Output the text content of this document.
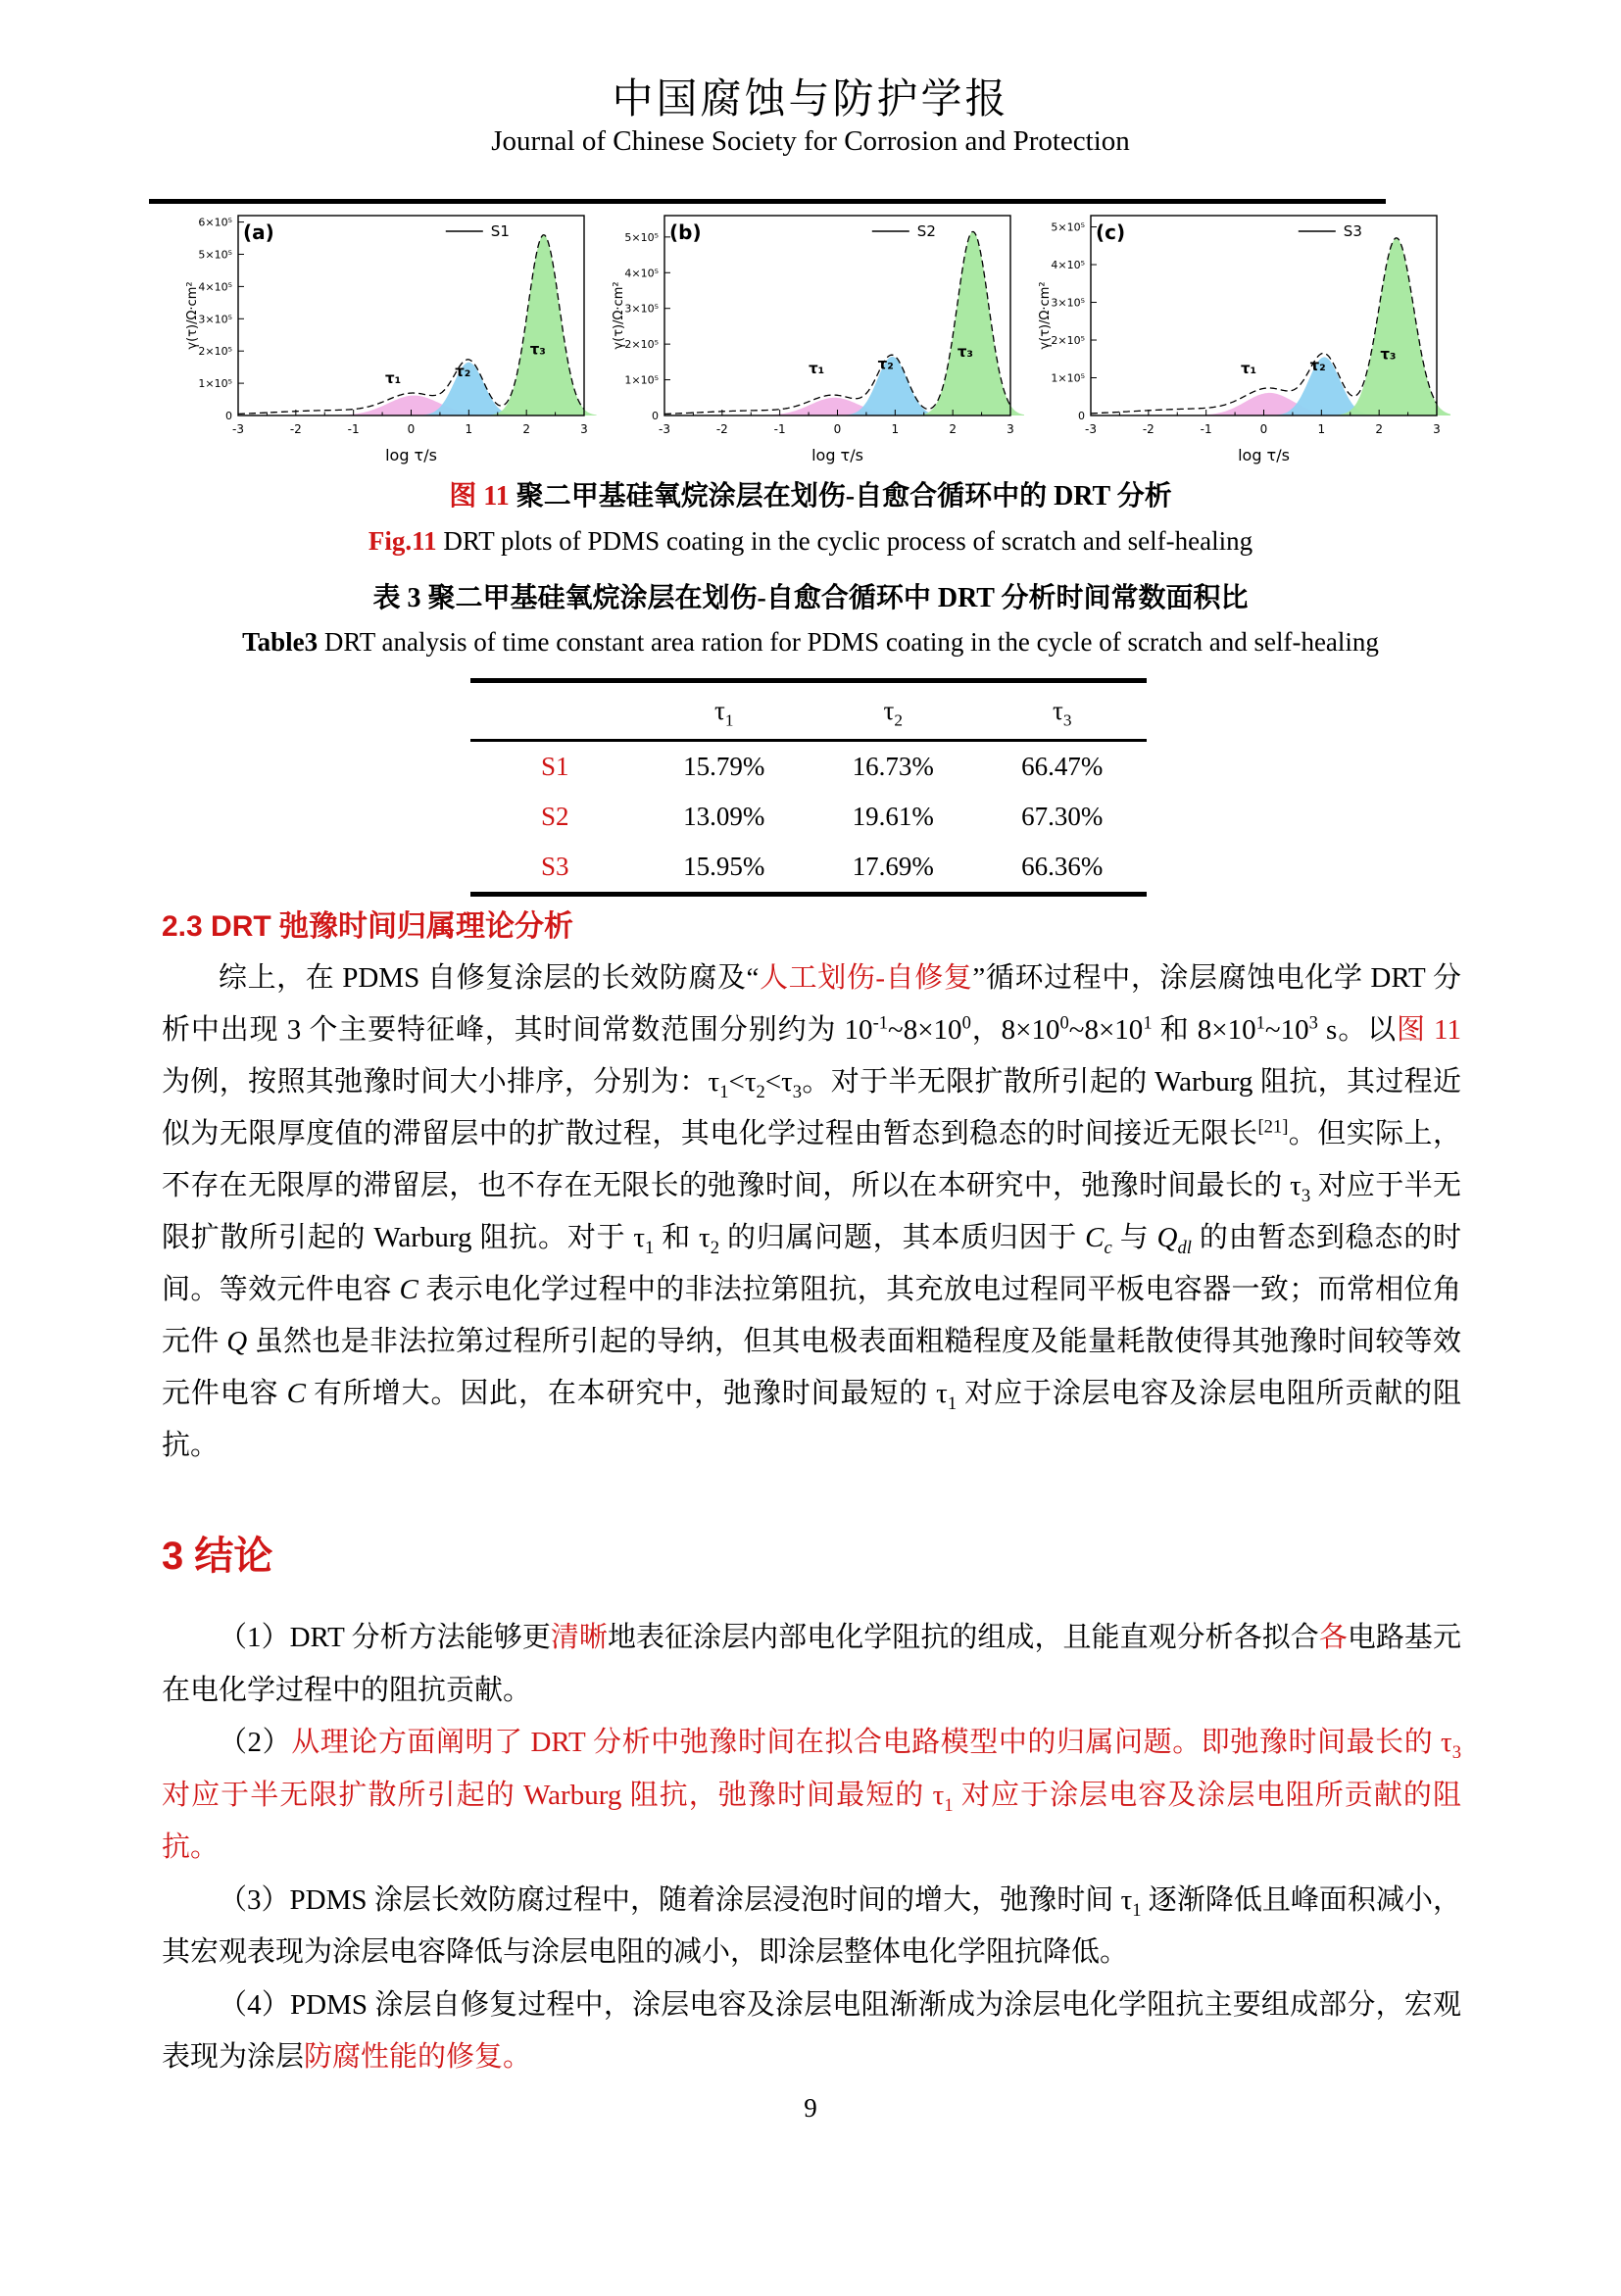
中国腐蚀与防护学报
Journal of Chinese Society for Corrosion and Protection
0
1×10⁵
2×10⁵
3×10⁵
4×10⁵
5×10⁵
6×10⁵
-3	-2	-1	0	1	2	3
log τ/s
γ(τ)/Ω·cm²
τ₁	τ₂
τ₃
S1
(a)
0
1×10⁵
2×10⁵
3×10⁵
4×10⁵
5×10⁵
-3	-2	-1	0	1	2	3
log τ/s
γ(τ)/Ω·cm²
τ₁	τ₂
τ₃
S2
(b)
0
1×10⁵
2×10⁵
3×10⁵
4×10⁵
5×10⁵
-3	-2	-1	0	1	2	3
log τ/s
γ(τ)/Ω·cm²
τ₁	τ₂
τ₃
S3
(c)
图 11 聚二甲基硅氧烷涂层在划伤-自愈合循环中的 DRT 分析
Fig.11 DRT plots of PDMS coating in the cyclic process of scratch and self-healing
表 3 聚二甲基硅氧烷涂层在划伤-自愈合循环中 DRT 分析时间常数面积比
Table3 DRT analysis of time constant area ration for PDMS coating in the cycle of scratch and self-healing
	$\tau_1$	$\tau_2$	$\tau_3$
S1	15.79%	16.73%	66.47%
S2	13.09%	19.61%	67.30%
S3	15.95%	17.69%	66.36%
2.3 DRT 弛豫时间归属理论分析

综上，在 PDMS 自修复涂层的长效防腐及“人工划伤-自修复”循环过程中，涂层腐蚀电化学 DRT 分析中出现 3 个主要特征峰，其时间常数范围分别约为 $10^{-1}\sim 8\times 10^0$，$8\times 10^0\sim 8\times 10^1$ 和 $8\times 10^1\sim 10^3$ s。以图 11 为例，按照其弛豫时间大小排序，分别为：$\tau_1<\tau_2<\tau_3$。对于半无限扩散所引起的 Warburg 阻抗，其过程近似为无限厚度值的滞留层中的扩散过程，其电化学过程由暂态到稳态的时间接近无限长[21]。但实际上，不存在无限厚的滞留层，也不存在无限长的弛豫时间，所以在本研究中，弛豫时间最长的 $\tau_3$ 对应于半无限扩散所引起的 Warburg 阻抗。对于 $\tau_1$ 和 $\tau_2$ 的归属问题，其本质归因于 $C_c$ 与 $Q_{dl}$ 的由暂态到稳态的时间。等效元件电容 C 表示电化学过程中的非法拉第阻抗，其充放电过程同平板电容器一致；而常相位角元件 Q 虽然也是非法拉第过程所引起的导纳，但其电极表面粗糙程度及能量耗散使得其弛豫时间较等效元件电容 C 有所增大。因此，在本研究中，弛豫时间最短的 $\tau_1$ 对应于涂层电容及涂层电阻所贡献的阻抗。

3 结论

（1）DRT 分析方法能够更清晰地表征涂层内部电化学阻抗的组成，且能直观分析各拟合各电路基元在电化学过程中的阻抗贡献。

（2）从理论方面阐明了 DRT 分析中弛豫时间在拟合电路模型中的归属问题。即弛豫时间最长的 $\tau_3$ 对应于半无限扩散所引起的 Warburg 阻抗，弛豫时间最短的 $\tau_1$ 对应于涂层电容及涂层电阻所贡献的阻抗。

（3）PDMS 涂层长效防腐过程中，随着涂层浸泡时间的增大，弛豫时间 $\tau_1$ 逐渐降低且峰面积减小，其宏观表现为涂层电容降低与涂层电阻的减小，即涂层整体电化学阻抗降低。

（4）PDMS 涂层自修复过程中，涂层电容及涂层电阻渐渐成为涂层电化学阻抗主要组成部分，宏观表现为涂层防腐性能的修复。

9
